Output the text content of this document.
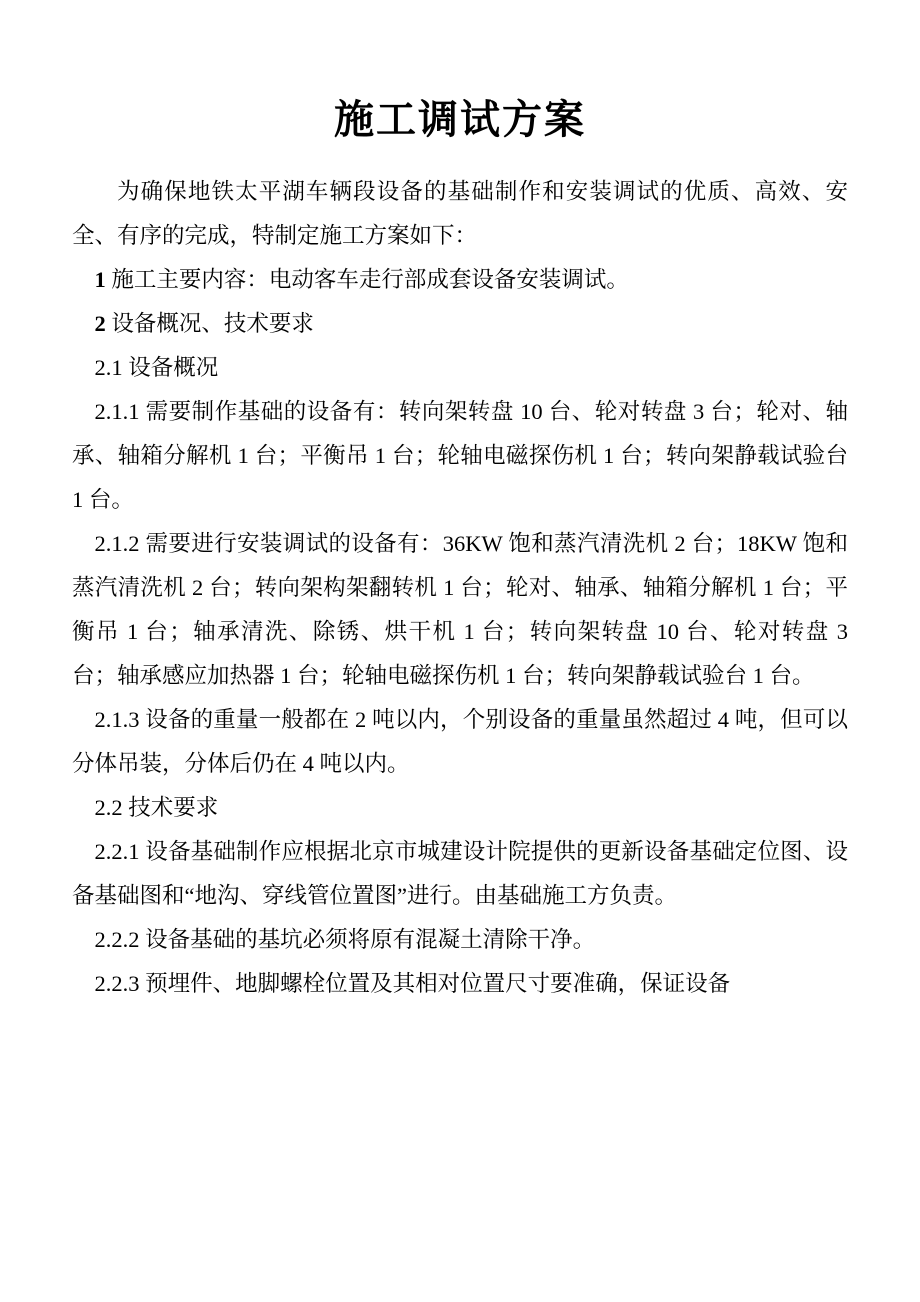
施工调试方案

为确保地铁太平湖车辆段设备的基础制作和安装调试的优质、高效、安全、有序的完成，特制定施工方案如下：

1 施工主要内容：电动客车走行部成套设备安装调试。

2 设备概况、技术要求

2.1 设备概况

2.1.1 需要制作基础的设备有：转向架转盘 10 台、轮对转盘 3 台；轮对、轴承、轴箱分解机 1 台；平衡吊 1 台；轮轴电磁探伤机 1 台；转向架静载试验台 1 台。

2.1.2 需要进行安装调试的设备有：36KW 饱和蒸汽清洗机 2 台；18KW 饱和蒸汽清洗机 2 台；转向架构架翻转机 1 台；轮对、轴承、轴箱分解机 1 台；平衡吊 1 台；轴承清洗、除锈、烘干机 1 台；转向架转盘 10 台、轮对转盘 3 台；轴承感应加热器 1 台；轮轴电磁探伤机 1 台；转向架静载试验台 1 台。

2.1.3 设备的重量一般都在 2 吨以内，个别设备的重量虽然超过 4 吨，但可以分体吊装，分体后仍在 4 吨以内。

2.2 技术要求

2.2.1 设备基础制作应根据北京市城建设计院提供的更新设备基础定位图、设备基础图和“地沟、穿线管位置图”进行。由基础施工方负责。

2.2.2 设备基础的基坑必须将原有混凝土清除干净。

2.2.3 预埋件、地脚螺栓位置及其相对位置尺寸要准确，保证设备
